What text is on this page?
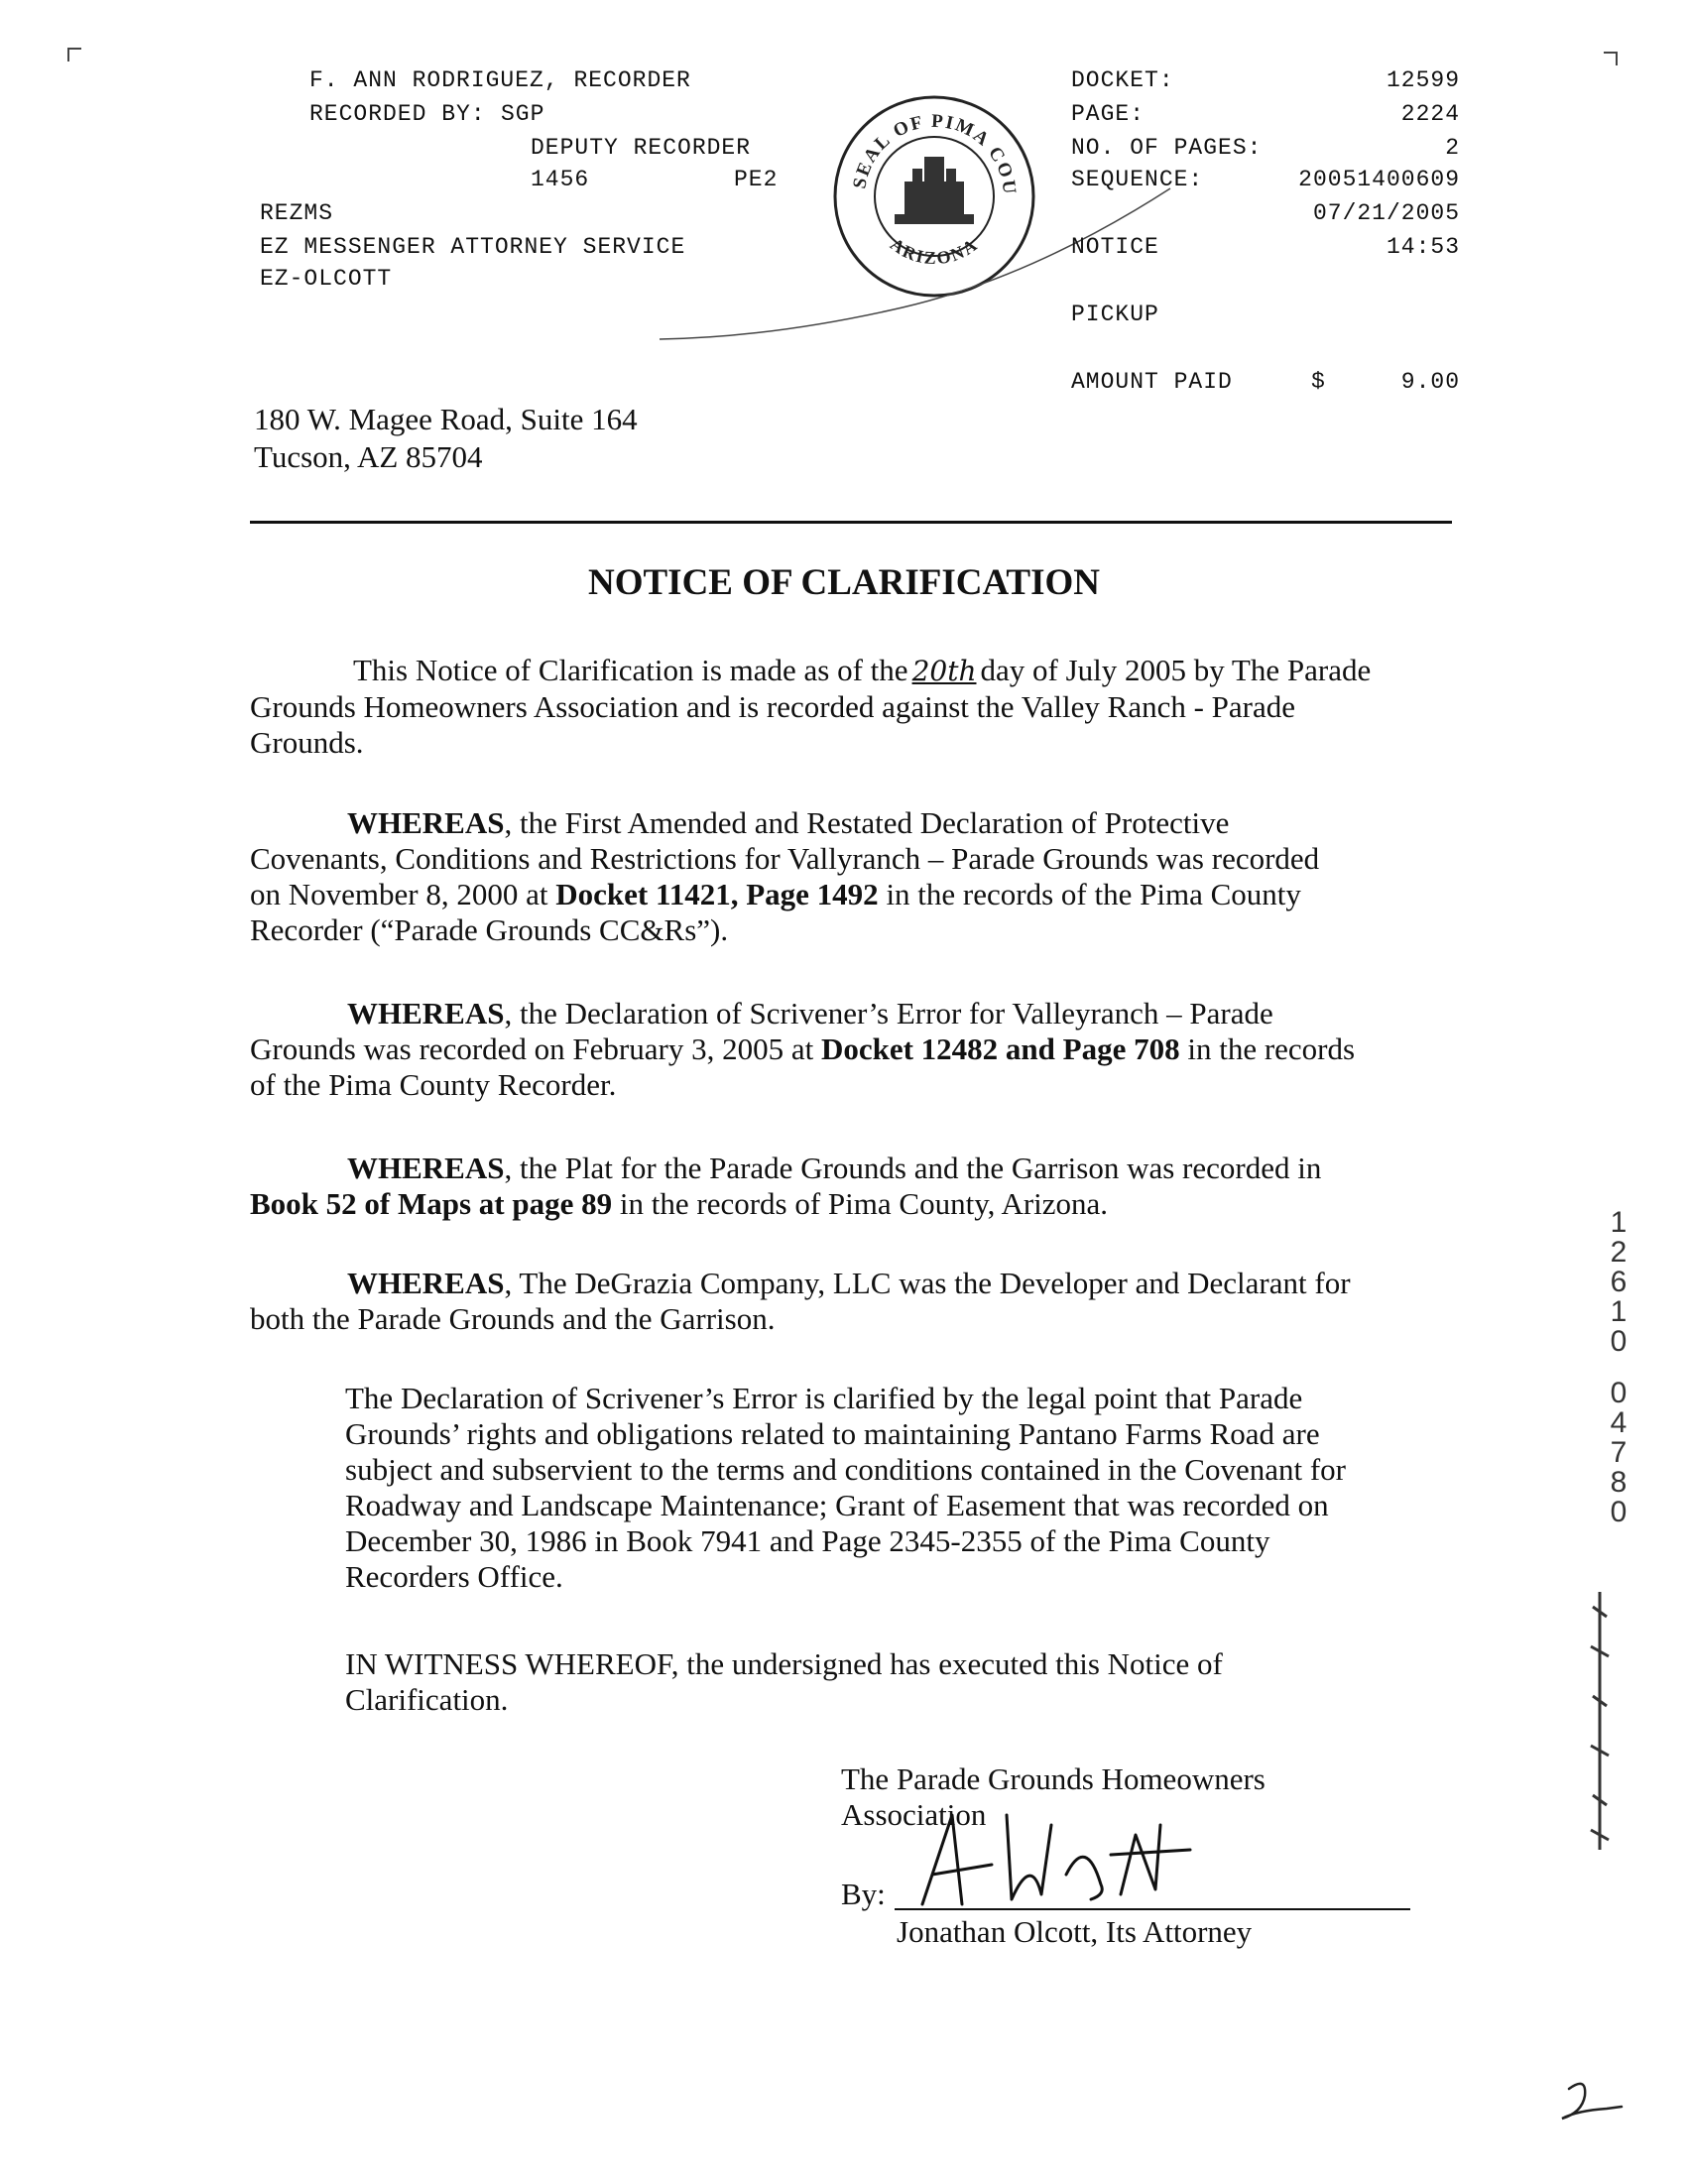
F. ANN RODRIGUEZ, RECORDER
RECORDED BY: SGP
DEPUTY RECORDER
1456	PE2
REZMS
EZ MESSENGER ATTORNEY SERVICE
EZ-OLCOTT
SEAL OF PIMA COU
ARIZONA
DOCKET:	12599
PAGE:	2224
NO. OF PAGES:	2
SEQUENCE:	20051400609
07/21/2005
NOTICE	14:53
PICKUP
AMOUNT PAID	$	9.00
180 W. Magee Road, Suite 164
Tucson, AZ 85704
NOTICE OF CLARIFICATION

This Notice of Clarification is made as of the 20th day of July 2005 by The Parade

Grounds Homeowners Association and is recorded against the Valley Ranch - Parade

Grounds.

WHEREAS, the First Amended and Restated Declaration of Protective

Covenants, Conditions and Restrictions for Vallyranch – Parade Grounds was recorded

on November 8, 2000 at Docket 11421, Page 1492 in the records of the Pima County

Recorder (“Parade Grounds CC&Rs”).

WHEREAS, the Declaration of Scrivener’s Error for Valleyranch – Parade

Grounds was recorded on February 3, 2005 at Docket 12482 and Page 708 in the records

of the Pima County Recorder.

WHEREAS, the Plat for the Parade Grounds and the Garrison was recorded in

Book 52 of Maps at page 89 in the records of Pima County, Arizona.

WHEREAS, The DeGrazia Company, LLC was the Developer and Declarant for

both the Parade Grounds and the Garrison.

The Declaration of Scrivener’s Error is clarified by the legal point that Parade

Grounds’ rights and obligations related to maintaining Pantano Farms Road are

subject and subservient to the terms and conditions contained in the Covenant for

Roadway and Landscape Maintenance; Grant of Easement that was recorded on

December 30, 1986 in Book 7941 and Page 2345-2355 of the Pima County

Recorders Office.

IN WITNESS WHEREOF, the undersigned has executed this Notice of

Clarification.

The Parade Grounds Homeowners

Association

By:
Jonathan Olcott, Its Attorney
1
2
6
1
0
0
4
7
8
0
